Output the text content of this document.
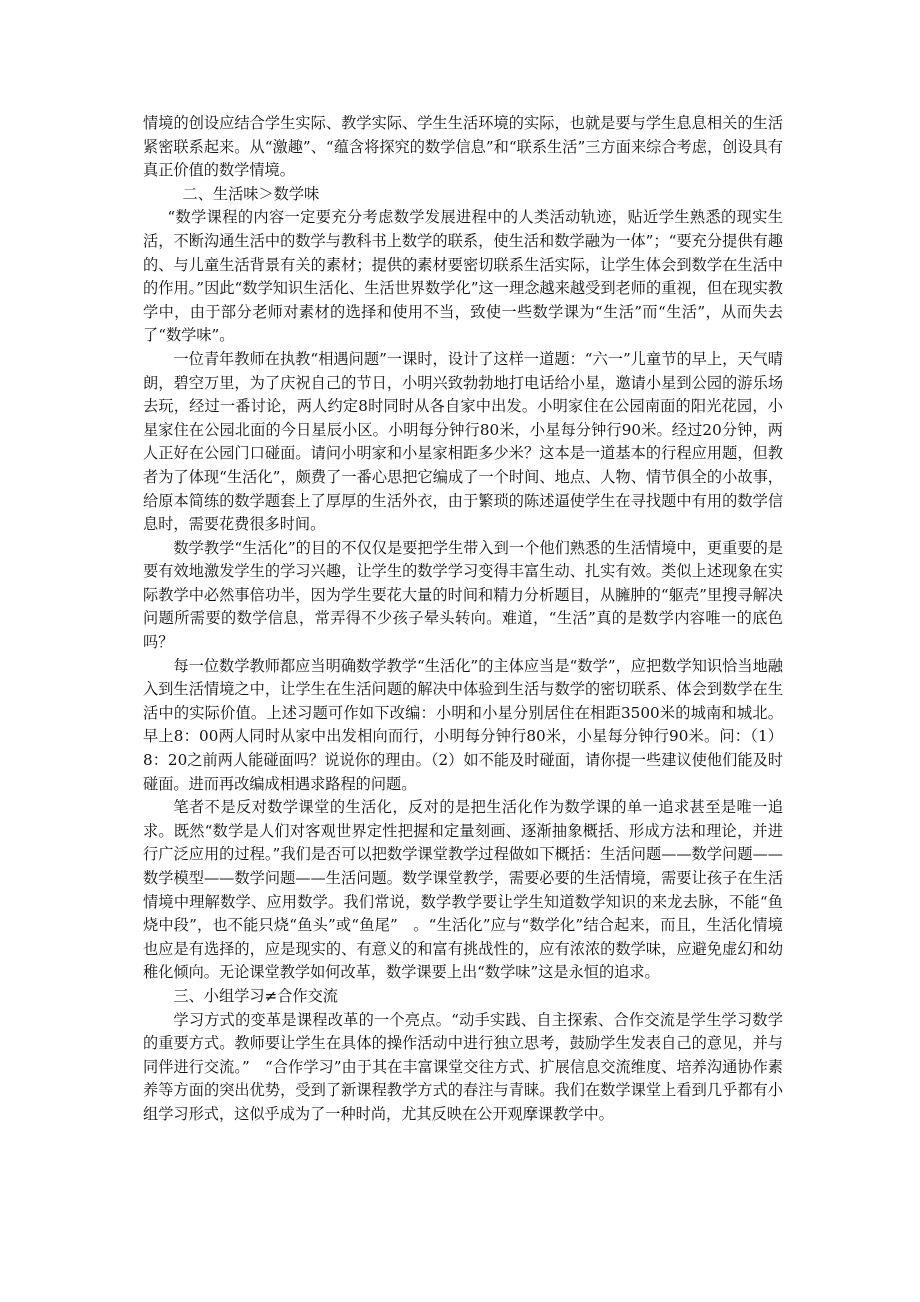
情境的创设应结合学生实际、教学实际、学生生活环境的实际，也就是要与学生息息相关的生活紧密联系起来。从“激趣”、“蕴含将探究的数学信息”和“联系生活”三方面来综合考虑，创设具有真正价值的数学情境。

二、生活味＞数学味

“数学课程的内容一定要充分考虑数学发展进程中的人类活动轨迹，贴近学生熟悉的现实生活，不断沟通生活中的数学与教科书上数学的联系，使生活和数学融为一体”；“要充分提供有趣的、与儿童生活背景有关的素材；提供的素材要密切联系生活实际，让学生体会到数学在生活中的作用。”因此“数学知识生活化、生活世界数学化”这一理念越来越受到老师的重视，但在现实教学中，由于部分老师对素材的选择和使用不当，致使一些数学课为“生活”而“生活”，从而失去了“数学味”。

一位青年教师在执教“相遇问题”一课时，设计了这样一道题：“六一”儿童节的早上，天气晴朗，碧空万里，为了庆祝自己的节日，小明兴致勃勃地打电话给小星，邀请小星到公园的游乐场去玩，经过一番讨论，两人约定8时同时从各自家中出发。小明家住在公园南面的阳光花园，小星家住在公园北面的今日星辰小区。小明每分钟行80米，小星每分钟行90米。经过20分钟，两人正好在公园门口碰面。请问小明家和小星家相距多少米？这本是一道基本的行程应用题，但教者为了体现“生活化”，颇费了一番心思把它编成了一个时间、地点、人物、情节俱全的小故事，给原本简练的数学题套上了厚厚的生活外衣，由于繁琐的陈述逼使学生在寻找题中有用的数学信息时，需要花费很多时间。

数学教学“生活化”的目的不仅仅是要把学生带入到一个他们熟悉的生活情境中，更重要的是要有效地激发学生的学习兴趣，让学生的数学学习变得丰富生动、扎实有效。类似上述现象在实际教学中必然事倍功半，因为学生要花大量的时间和精力分析题目，从臃肿的“躯壳”里搜寻解决问题所需要的数学信息，常弄得不少孩子晕头转向。难道，“生活”真的是数学内容唯一的底色吗？

每一位数学教师都应当明确数学教学“生活化”的主体应当是“数学”，应把数学知识恰当地融入到生活情境之中，让学生在生活问题的解决中体验到生活与数学的密切联系、体会到数学在生活中的实际价值。上述习题可作如下改编：小明和小星分别居住在相距3500米的城南和城北。早上8：00两人同时从家中出发相向而行，小明每分钟行80米，小星每分钟行90米。问：（1）8：20之前两人能碰面吗？说说你的理由。（2）如不能及时碰面，请你提一些建议使他们能及时碰面。进而再改编成相遇求路程的问题。

笔者不是反对数学课堂的生活化，反对的是把生活化作为数学课的单一追求甚至是唯一追求。既然“数学是人们对客观世界定性把握和定量刻画、逐渐抽象概括、形成方法和理论，并进行广泛应用的过程。”我们是否可以把数学课堂教学过程做如下概括：生活问题——数学问题——数学模型——数学问题——生活问题。数学课堂教学，需要必要的生活情境，需要让孩子在生活情境中理解数学、应用数学。我们常说，数学教学要让学生知道数学知识的来龙去脉，不能“鱼烧中段”，也不能只烧“鱼头”或“鱼尾”　。“生活化”应与“数学化”结合起来，而且，生活化情境也应是有选择的，应是现实的、有意义的和富有挑战性的，应有浓浓的数学味，应避免虚幻和幼稚化倾向。无论课堂教学如何改革，数学课要上出“数学味”这是永恒的追求。

三、小组学习≠合作交流

学习方式的变革是课程改革的一个亮点。“动手实践、自主探索、合作交流是学生学习数学的重要方式。教师要让学生在具体的操作活动中进行独立思考，鼓励学生发表自己的意见，并与同伴进行交流。”　“合作学习”由于其在丰富课堂交往方式、扩展信息交流维度、培养沟通协作素养等方面的突出优势，受到了新课程教学方式的春注与青睐。我们在数学课堂上看到几乎都有小组学习形式，这似乎成为了一种时尚，尤其反映在公开观摩课教学中。
